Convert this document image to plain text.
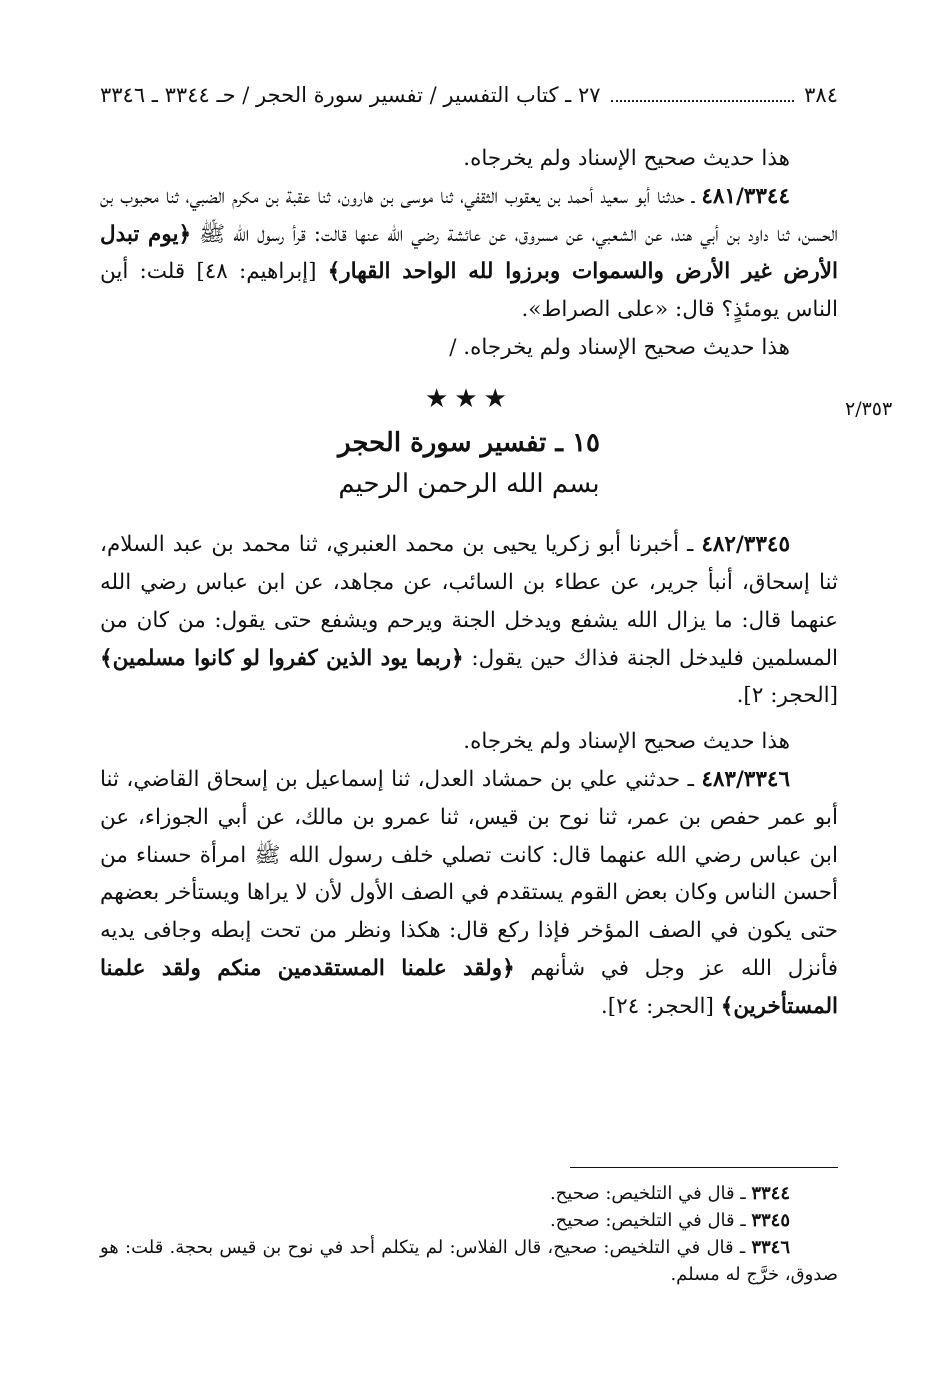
٣٨٤
٢٧ ـ كتاب التفسير / تفسير سورة الحجر / حـ ٣٣٤٤ ـ ٣٣٤٦
٢/٣٥٣

هذا حديث صحيح الإسناد ولم يخرجاه.

٤٨١/٣٣٤٤ ـ حدثنا أبو سعيد أحمد بن يعقوب الثقفي، ثنا موسى بن هارون، ثنا عقبة بن مكرم الضبي، ثنا محبوب بن الحسن، ثنا داود بن أبي هند، عن الشعبي، عن مسروق، عن عائشة رضي الله عنها قالت: قرأ رسول الله ﷺ ﴿يوم تبدل الأرض غير الأرض والسموات وبرزوا لله الواحد القهار﴾ [إبراهيم: ٤٨] قلت: أين الناس يومئذٍ؟ قال: «على الصراط».

هذا حديث صحيح الإسناد ولم يخرجاه. /

★★★
١٥ ـ تفسير سورة الحجر
بسم الله الرحمن الرحيم

٤٨٢/٣٣٤٥ ـ أخبرنا أبو زكريا يحيى بن محمد العنبري، ثنا محمد بن عبد السلام، ثنا إسحاق، أنبأ جرير، عن عطاء بن السائب، عن مجاهد، عن ابن عباس رضي الله عنهما قال: ما يزال الله يشفع ويدخل الجنة ويرحم ويشفع حتى يقول: من كان من المسلمين فليدخل الجنة فذاك حين يقول: ﴿ربما يود الذين كفروا لو كانوا مسلمين﴾ [الحجر: ٢].

هذا حديث صحيح الإسناد ولم يخرجاه.

٤٨٣/٣٣٤٦ ـ حدثني علي بن حمشاد العدل، ثنا إسماعيل بن إسحاق القاضي، ثنا أبو عمر حفص بن عمر، ثنا نوح بن قيس، ثنا عمرو بن مالك، عن أبي الجوزاء، عن ابن عباس رضي الله عنهما قال: كانت تصلي خلف رسول الله ﷺ امرأة حسناء من أحسن الناس وكان بعض القوم يستقدم في الصف الأول لأن لا يراها ويستأخر بعضهم حتى يكون في الصف المؤخر فإذا ركع قال: هكذا ونظر من تحت إبطه وجافى يديه فأنزل الله عز وجل في شأنهم ﴿ولقد علمنا المستقدمين منكم ولقد علمنا المستأخرين﴾ [الحجر: ٢٤].

٣٣٤٤ ـ قال في التلخيص: صحيح.

٣٣٤٥ ـ قال في التلخيص: صحيح.

٣٣٤٦ ـ قال في التلخيص: صحيح، قال الفلاس: لم يتكلم أحد في نوح بن قيس بحجة. قلت: هو صدوق، خرَّج له مسلم.
